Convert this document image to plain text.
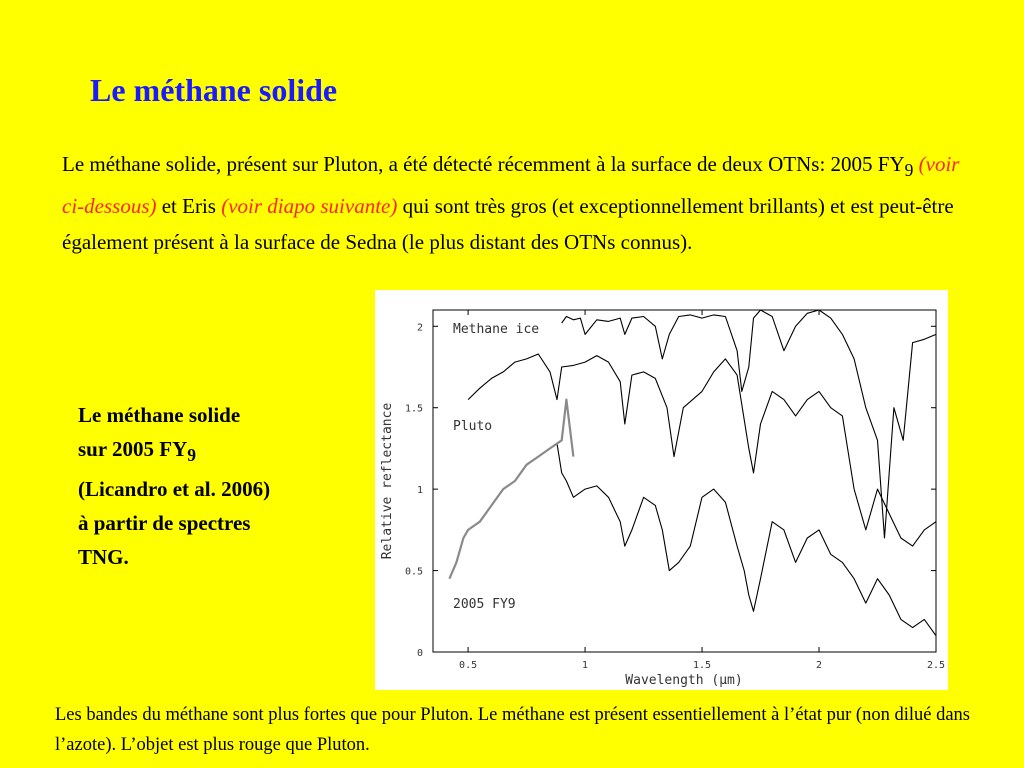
Le méthane solide
Le méthane solide, présent sur Pluton, a été détecté récemment à la surface de deux OTNs: 2005 $FY_9$ (voir ci-dessous) et Eris (voir diapo suivante) qui sont très gros (et exceptionnellement brillants) et est peut-être également présent à la surface de Sedna (le plus distant des OTNs connus).
Le méthane solide
sur 2005 $FY_9$
(Licandro et al. 2006)
à partir de spectres
TNG.
0
0.5
1
1.5
2
0.5	1	1.5	2	2.5
Methane ice
Pluto
2005 FY9
Wavelength (μm)
Relative reflectance
Les bandes du méthane sont plus fortes que pour Pluton. Le méthane est présent essentiellement à l’état pur (non dilué dans l’azote). L’objet est plus rouge que Pluton.
